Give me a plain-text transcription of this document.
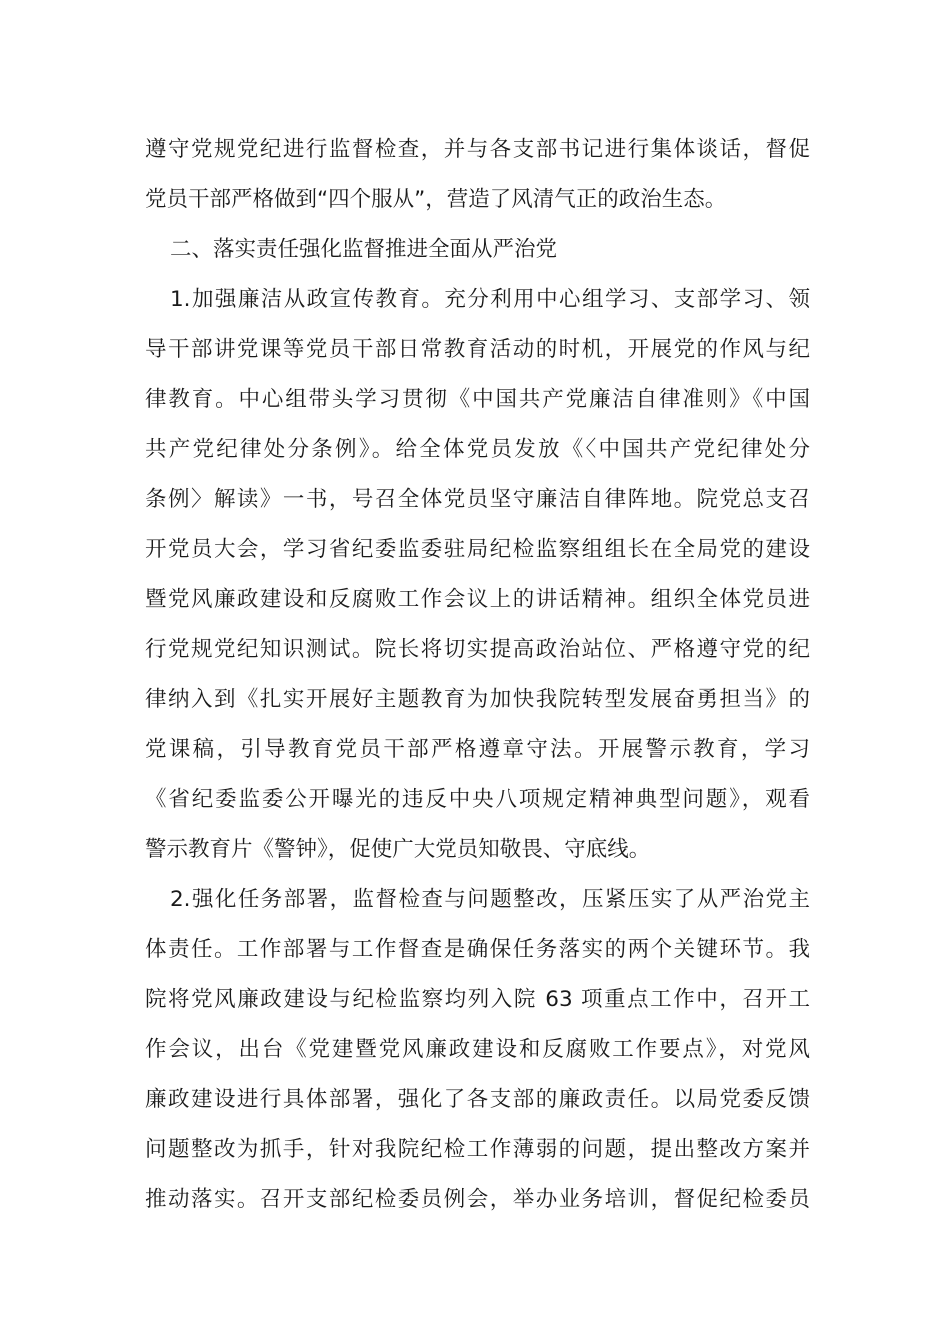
遵守党规党纪进行监督检查，并与各支部书记进行集体谈话，督促
党员干部严格做到“四个服从”，营造了风清气正的政治生态。
二、落实责任强化监督推进全面从严治党
1.加强廉洁从政宣传教育。充分利用中心组学习、支部学习、领
导干部讲党课等党员干部日常教育活动的时机，开展党的作风与纪
律教育。中心组带头学习贯彻《中国共产党廉洁自律准则》《中国
共产党纪律处分条例》。给全体党员发放《〈中国共产党纪律处分
条例〉解读》一书，号召全体党员坚守廉洁自律阵地。院党总支召
开党员大会，学习省纪委监委驻局纪检监察组组长在全局党的建设
暨党风廉政建设和反腐败工作会议上的讲话精神。组织全体党员进
行党规党纪知识测试。院长将切实提高政治站位、严格遵守党的纪
律纳入到《扎实开展好主题教育为加快我院转型发展奋勇担当》的
党课稿，引导教育党员干部严格遵章守法。开展警示教育，学习
《省纪委监委公开曝光的违反中央八项规定精神典型问题》，观看
警示教育片《警钟》，促使广大党员知敬畏、守底线。
2.强化任务部署，监督检查与问题整改，压紧压实了从严治党主
体责任。工作部署与工作督查是确保任务落实的两个关键环节。我
院将党风廉政建设与纪检监察均列入院 63 项重点工作中，召开工
作会议，出台《党建暨党风廉政建设和反腐败工作要点》，对党风
廉政建设进行具体部署，强化了各支部的廉政责任。以局党委反馈
问题整改为抓手，针对我院纪检工作薄弱的问题，提出整改方案并
推动落实。召开支部纪检委员例会，举办业务培训，督促纪检委员
